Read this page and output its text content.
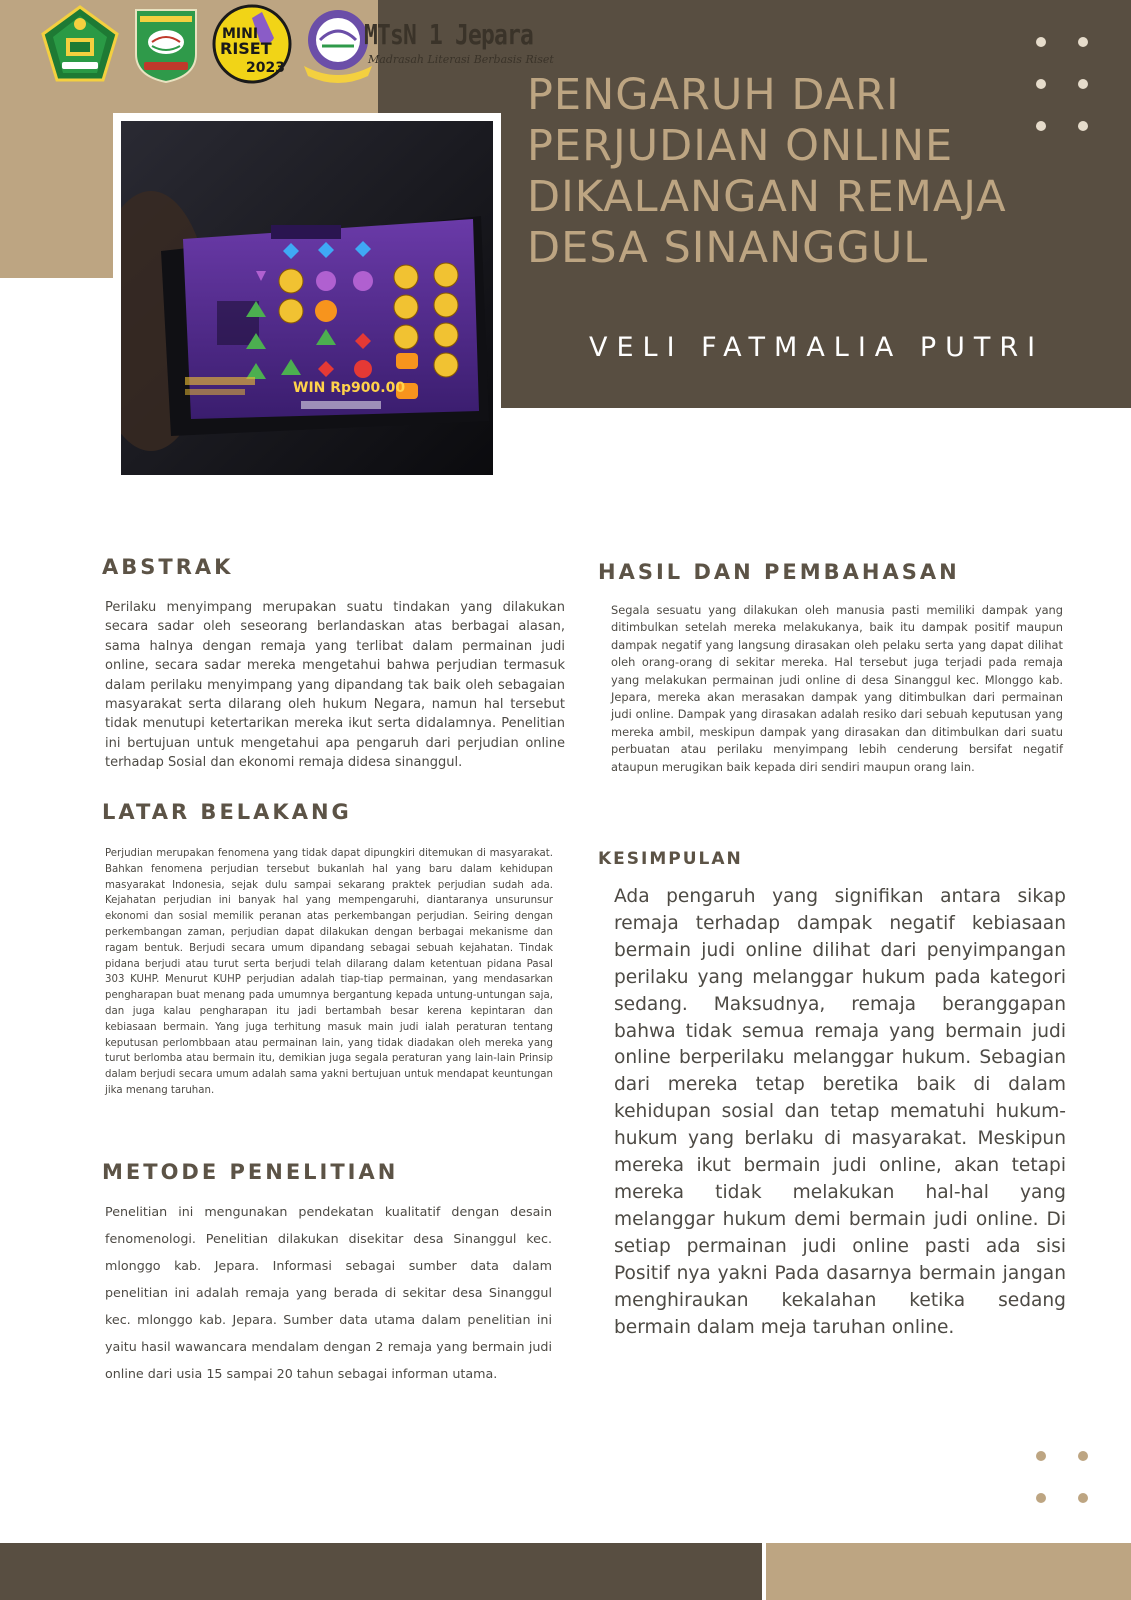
MINI
RISET
2023
MTsN 1 Jepara
Madrasah Literasi Berbasis Riset
PENGARUH DARI PERJUDIAN ONLINE DIKALANGAN REMAJA DESA SINANGGUL

VELI FATMALIA PUTRI

WIN Rp900.00
ABSTRAK

Perilaku menyimpang merupakan suatu tindakan yang dilakukan secara sadar oleh seseorang berlandaskan atas berbagai alasan, sama halnya dengan remaja yang terlibat dalam permainan judi online, secara sadar mereka mengetahui bahwa perjudian termasuk dalam perilaku menyimpang yang dipandang tak baik oleh sebagaian masyarakat serta dilarang oleh hukum Negara, namun hal tersebut tidak menutupi ketertarikan mereka ikut serta didalamnya. Penelitian ini bertujuan untuk mengetahui apa pengaruh dari perjudian online terhadap Sosial dan ekonomi remaja didesa sinanggul.

LATAR BELAKANG

Perjudian merupakan fenomena yang tidak dapat dipungkiri ditemukan di masyarakat. Bahkan fenomena perjudian tersebut bukanlah hal yang baru dalam kehidupan masyarakat Indonesia, sejak dulu sampai sekarang praktek perjudian sudah ada. Kejahatan perjudian ini banyak hal yang mempengaruhi, diantaranya unsurunsur ekonomi dan sosial memilik peranan atas perkembangan perjudian. Seiring dengan perkembangan zaman, perjudian dapat dilakukan dengan berbagai mekanisme dan ragam bentuk. Berjudi secara umum dipandang sebagai sebuah kejahatan. Tindak pidana berjudi atau turut serta berjudi telah dilarang dalam ketentuan pidana Pasal 303 KUHP. Menurut KUHP perjudian adalah tiap-tiap permainan, yang mendasarkan pengharapan buat menang pada umumnya bergantung kepada untung-untungan saja, dan juga kalau pengharapan itu jadi bertambah besar kerena kepintaran dan kebiasaan bermain. Yang juga terhitung masuk main judi ialah peraturan tentang keputusan perlombbaan atau permainan lain, yang tidak diadakan oleh mereka yang turut berlomba atau bermain itu, demikian juga segala peraturan yang lain-lain Prinsip dalam berjudi secara umum adalah sama yakni bertujuan untuk mendapat keuntungan jika menang taruhan.

METODE PENELITIAN

Penelitian ini mengunakan pendekatan kualitatif dengan desain fenomenologi. Penelitian dilakukan disekitar desa Sinanggul kec. mlonggo kab. Jepara. Informasi sebagai sumber data dalam penelitian ini adalah remaja yang berada di sekitar desa Sinanggul kec. mlonggo kab. Jepara. Sumber data utama dalam penelitian ini yaitu hasil wawancara mendalam dengan 2 remaja yang bermain judi online dari usia 15 sampai 20 tahun sebagai informan utama.

HASIL DAN PEMBAHASAN

Segala sesuatu yang dilakukan oleh manusia pasti memiliki dampak yang ditimbulkan setelah mereka melakukanya, baik itu dampak positif maupun dampak negatif yang langsung dirasakan oleh pelaku serta yang dapat dilihat oleh orang-orang di sekitar mereka. Hal tersebut juga terjadi pada remaja yang melakukan permainan judi online di desa Sinanggul kec. Mlonggo kab. Jepara, mereka akan merasakan dampak yang ditimbulkan dari permainan judi online. Dampak yang dirasakan adalah resiko dari sebuah keputusan yang mereka ambil, meskipun dampak yang dirasakan dan ditimbulkan dari suatu perbuatan atau perilaku menyimpang lebih cenderung bersifat negatif ataupun merugikan baik kepada diri sendiri maupun orang lain.

KESIMPULAN

Ada pengaruh yang signifikan antara sikap remaja terhadap dampak negatif kebiasaan bermain judi online dilihat dari penyimpangan perilaku yang melanggar hukum pada kategori sedang. Maksudnya, remaja beranggapan bahwa tidak semua remaja yang bermain judi online berperilaku melanggar hukum. Sebagian dari mereka tetap beretika baik di dalam kehidupan sosial dan tetap mematuhi hukum-hukum yang berlaku di masyarakat. Meskipun mereka ikut bermain judi online, akan tetapi mereka tidak melakukan hal-hal yang melanggar hukum demi bermain judi online. Di setiap permainan judi online pasti ada sisi Positif nya yakni Pada dasarnya bermain jangan menghiraukan kekalahan ketika sedang bermain dalam meja taruhan online.
